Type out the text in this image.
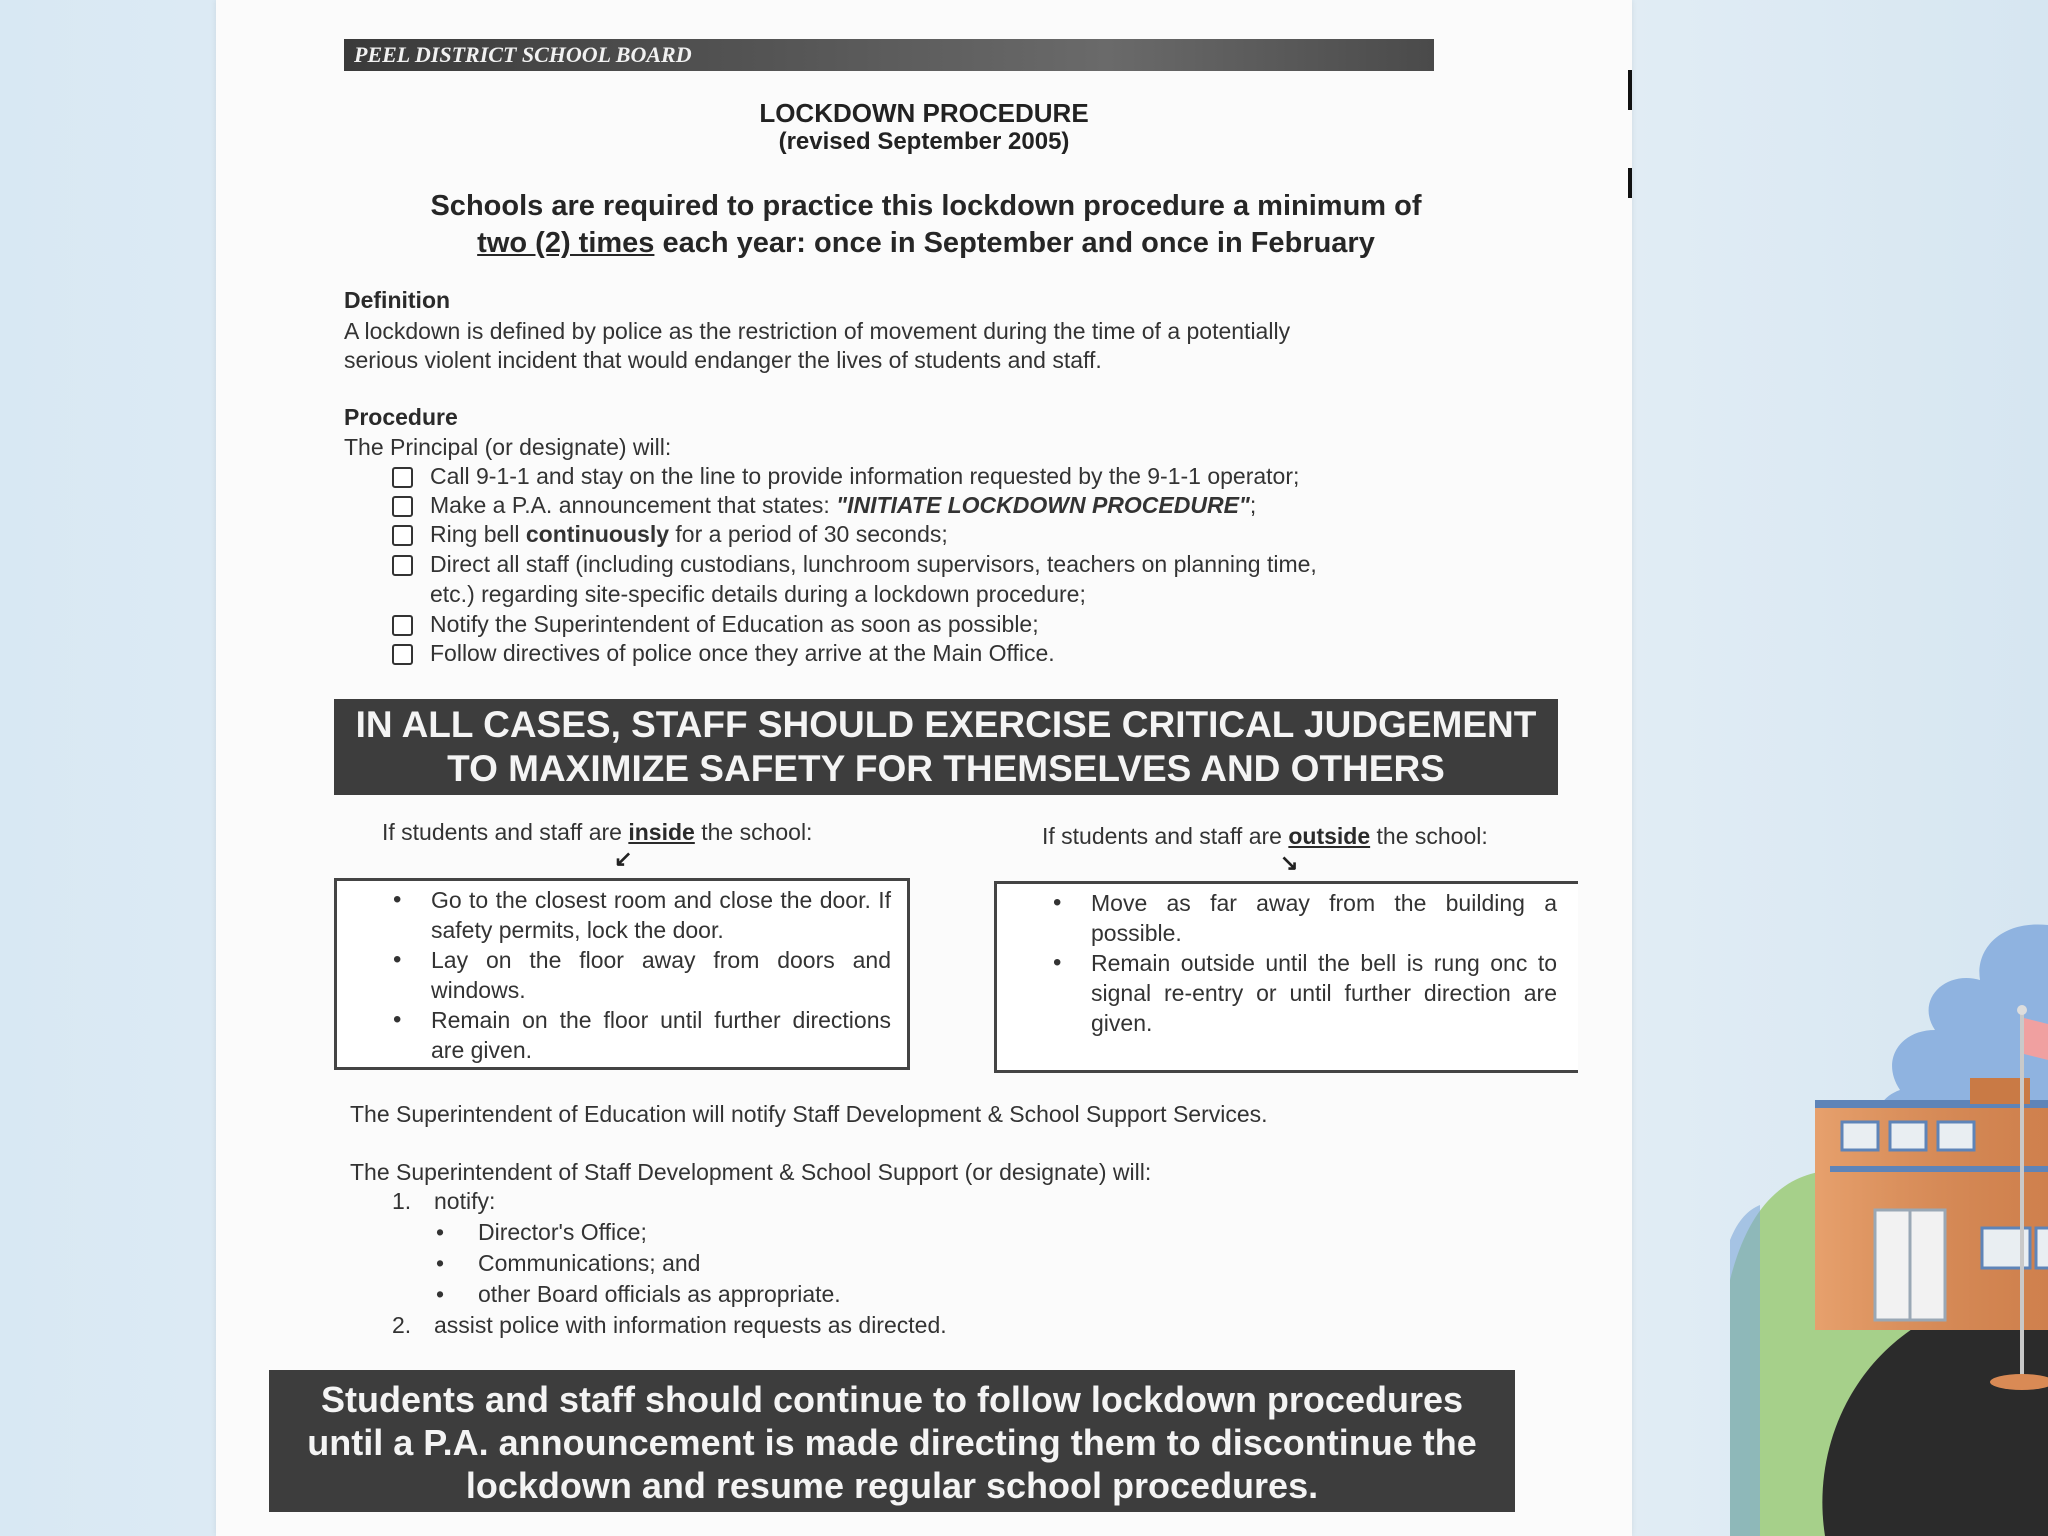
PEEL DISTRICT SCHOOL BOARD
LOCKDOWN PROCEDURE
(revised September 2005)
Schools are required to practice this lockdown procedure a minimum of
two (2) times each year: once in September and once in February
Definition
A lockdown is defined by police as the restriction of movement during the time of a potentially
serious violent incident that would endanger the lives of students and staff.
Procedure
The Principal (or designate) will:
Call 9-1-1 and stay on the line to provide information requested by the 9-1-1 operator;
Make a P.A. announcement that states: "INITIATE LOCKDOWN PROCEDURE";
Ring bell continuously for a period of 30 seconds;
Direct all staff (including custodians, lunchroom supervisors, teachers on planning time,
etc.) regarding site-specific details during a lockdown procedure;
Notify the Superintendent of Education as soon as possible;
Follow directives of police once they arrive at the Main Office.
IN ALL CASES, STAFF SHOULD EXERCISE CRITICAL JUDGEMENT
TO MAXIMIZE SAFETY FOR THEMSELVES AND OTHERS
If students and staff are inside the school:
↙
• Go to the closest room and close the door. If safety permits, lock the door.
• Lay on the floor away from doors and windows.
• Remain on the floor until further directions are given.
If students and staff are outside the school:
↘
• Move as far away from the building a possible.
• Remain outside until the bell is rung onc to signal re-entry or until further direction are given.
The Superintendent of Education will notify Staff Development & School Support Services.
The Superintendent of Staff Development & School Support (or designate) will:
1. notify:
• Director's Office;
• Communications; and
• other Board officials as appropriate.
2. assist police with information requests as directed.
Students and staff should continue to follow lockdown procedures
until a P.A. announcement is made directing them to discontinue the
lockdown and resume regular school procedures.
